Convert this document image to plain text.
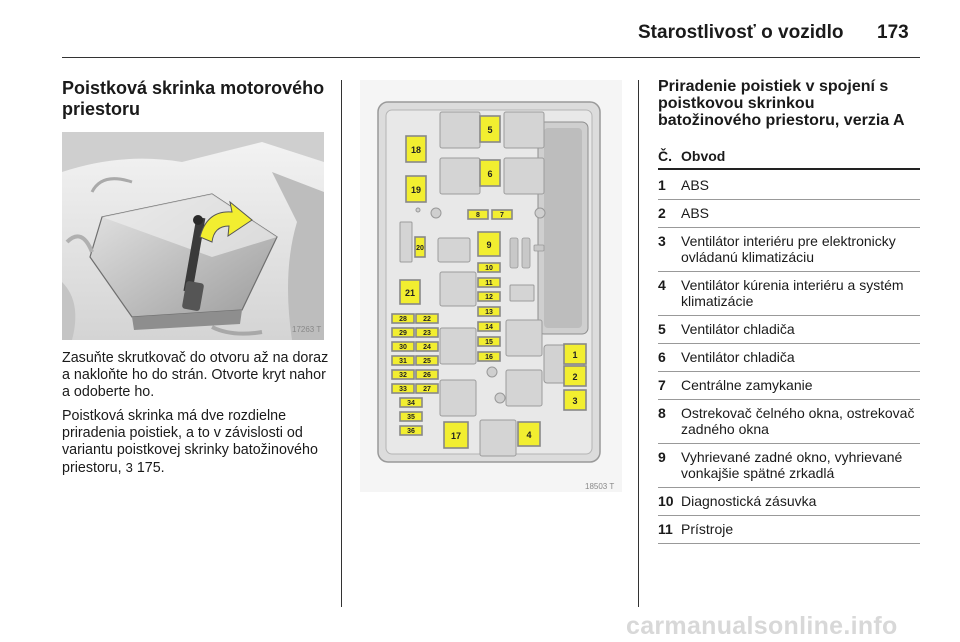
Starostlivosť o vozidlo 173
Poistková skrinka motorového priestoru
17263 T
Zasuňte skrutkovač do otvoru až na doraz a nakloňte ho do strán. Otvorte kryt nahor a odoberte ho.
Poistková skrinka má dve rozdielne priradenia poistiek, a to v závislosti od variantu poistkovej skrinky batožinového priestoru, 3 175.
18
19
20
21
5
6
8	7
9
10
11
12
13
14
15
16	1
2
3
4
17
28 22
29 23
30 24
31 25
32 26
33 27
34
35
36
18503 T
Priradenie poistiek v spojení s poistkovou skrinkou batožinového priestoru, verzia A
Č. Obvod
1	ABS
2	ABS
3	Ventilátor interiéru pre elektronicky ovládanú klimatizáciu
4	Ventilátor kúrenia interiéru a systém klimatizácie
5	Ventilátor chladiča
6	Ventilátor chladiča
7	Centrálne zamykanie
8	Ostrekovač čelného okna, ostrekovač zadného okna
9	Vyhrievané zadné okno, vyhrievané vonkajšie spätné zrkadlá
10 Diagnostická zásuvka
11 Prístroje
carmanualsonline.info
